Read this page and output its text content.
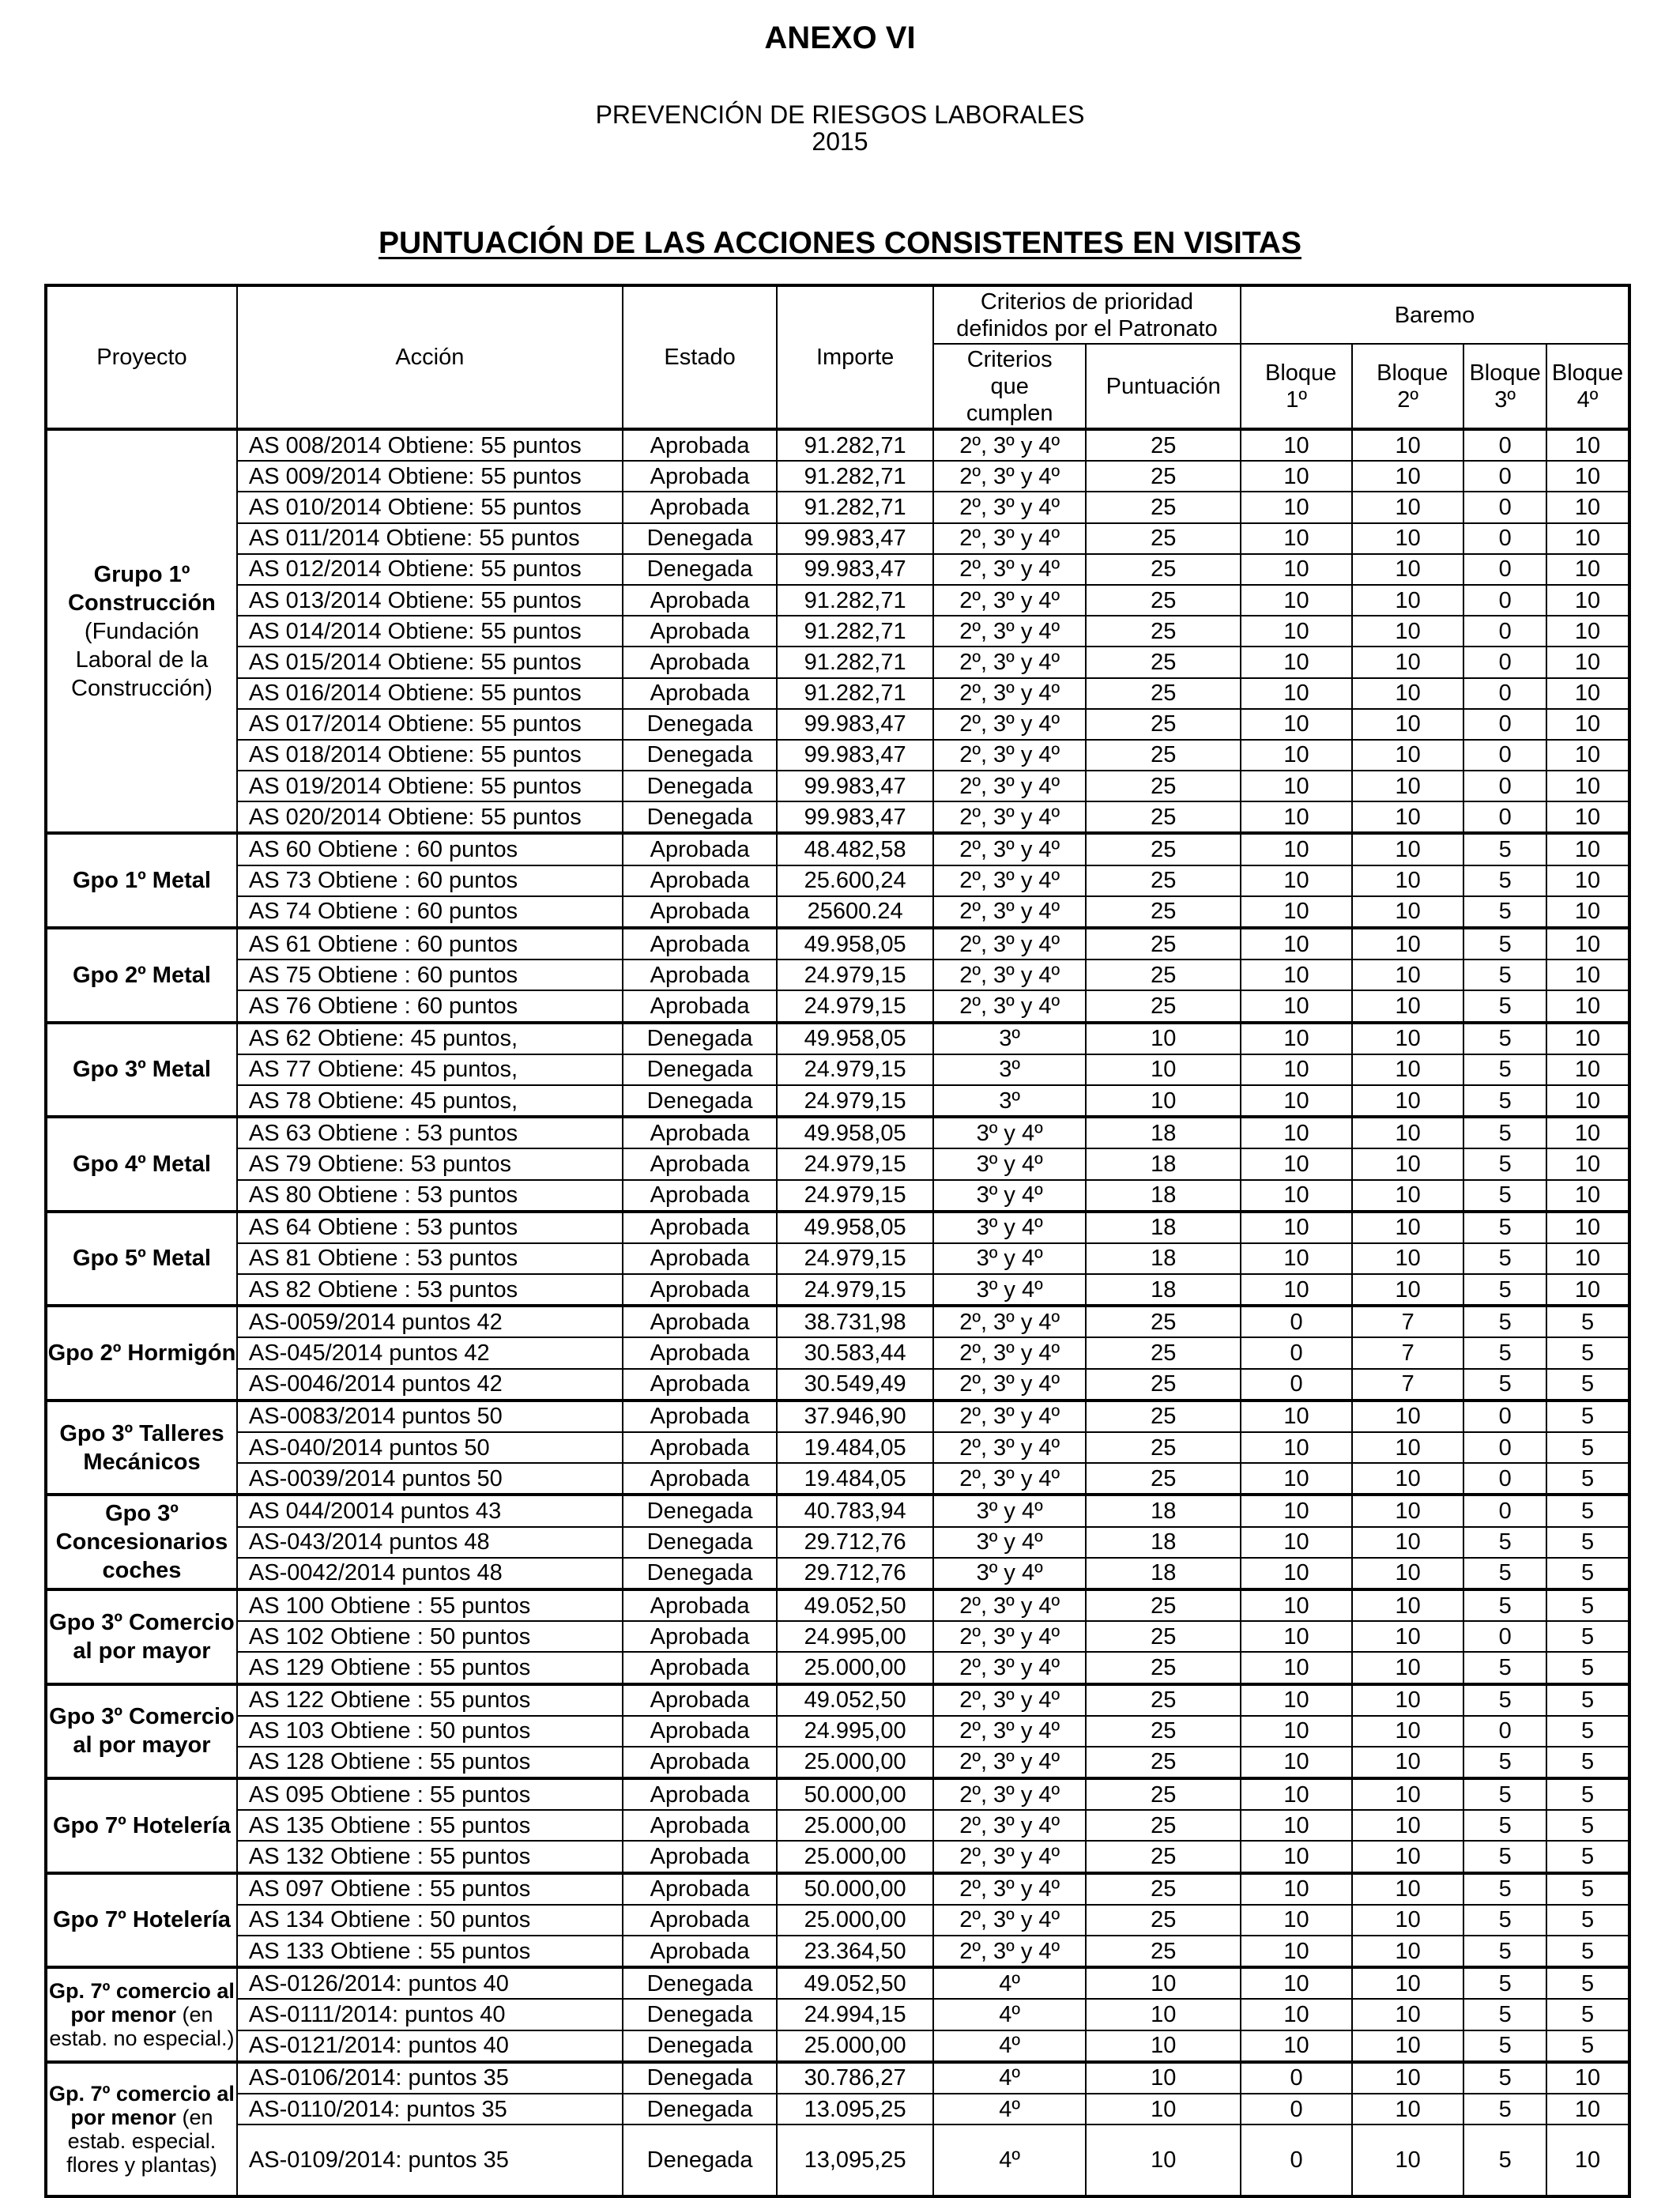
ANEXO VI
PREVENCIÓN DE RIESGOS LABORALES
2015
PUNTUACIÓN DE LAS ACCIONES CONSISTENTES EN VISITAS
Proyecto	Acción	Estado	Importe	Criterios de prioridad definidos por el Patronato		Baremo			
				Criterios que cumplen	Puntuación	Bloque 1º	Bloque 2º	Bloque 3º	Bloque 4º
Grupo 1º Construcción (Fundación Laboral de la Construcción)	AS 008/2014 Obtiene: 55 puntos	Aprobada	91.282,71	2º, 3º y 4º	25	10	10	0	10
	AS 009/2014 Obtiene: 55 puntos	Aprobada	91.282,71	2º, 3º y 4º	25	10	10	0	10
	AS 010/2014 Obtiene: 55 puntos	Aprobada	91.282,71	2º, 3º y 4º	25	10	10	0	10
	AS 011/2014 Obtiene: 55 puntos	Denegada	99.983,47	2º, 3º y 4º	25	10	10	0	10
	AS 012/2014 Obtiene: 55 puntos	Denegada	99.983,47	2º, 3º y 4º	25	10	10	0	10
	AS 013/2014 Obtiene: 55 puntos	Aprobada	91.282,71	2º, 3º y 4º	25	10	10	0	10
	AS 014/2014 Obtiene: 55 puntos	Aprobada	91.282,71	2º, 3º y 4º	25	10	10	0	10
	AS 015/2014 Obtiene: 55 puntos	Aprobada	91.282,71	2º, 3º y 4º	25	10	10	0	10
	AS 016/2014 Obtiene: 55 puntos	Aprobada	91.282,71	2º, 3º y 4º	25	10	10	0	10
	AS 017/2014 Obtiene: 55 puntos	Denegada	99.983,47	2º, 3º y 4º	25	10	10	0	10
	AS 018/2014 Obtiene: 55 puntos	Denegada	99.983,47	2º, 3º y 4º	25	10	10	0	10
	AS 019/2014 Obtiene: 55 puntos	Denegada	99.983,47	2º, 3º y 4º	25	10	10	0	10
	AS 020/2014 Obtiene: 55 puntos	Denegada	99.983,47	2º, 3º y 4º	25	10	10	0	10
Gpo 1º Metal	AS 60 Obtiene : 60 puntos	Aprobada	48.482,58	2º, 3º y 4º	25	10	10	5	10
	AS 73 Obtiene : 60 puntos	Aprobada	25.600,24	2º, 3º y 4º	25	10	10	5	10
	AS 74 Obtiene : 60 puntos	Aprobada	25600.24	2º, 3º y 4º	25	10	10	5	10
Gpo 2º Metal	AS 61 Obtiene : 60 puntos	Aprobada	49.958,05	2º, 3º y 4º	25	10	10	5	10
	AS 75 Obtiene : 60 puntos	Aprobada	24.979,15	2º, 3º y 4º	25	10	10	5	10
	AS 76 Obtiene : 60 puntos	Aprobada	24.979,15	2º, 3º y 4º	25	10	10	5	10
Gpo 3º Metal	AS 62 Obtiene: 45 puntos,	Denegada	49.958,05	3º	10	10	10	5	10
	AS 77 Obtiene: 45 puntos,	Denegada	24.979,15	3º	10	10	10	5	10
	AS 78 Obtiene: 45 puntos,	Denegada	24.979,15	3º	10	10	10	5	10
Gpo 4º Metal	AS 63 Obtiene : 53 puntos	Aprobada	49.958,05	3º y 4º	18	10	10	5	10
	AS 79 Obtiene: 53 puntos	Aprobada	24.979,15	3º y 4º	18	10	10	5	10
	AS 80 Obtiene : 53 puntos	Aprobada	24.979,15	3º y 4º	18	10	10	5	10
Gpo 5º Metal	AS 64 Obtiene : 53 puntos	Aprobada	49.958,05	3º y 4º	18	10	10	5	10
	AS 81 Obtiene : 53 puntos	Aprobada	24.979,15	3º y 4º	18	10	10	5	10
	AS 82 Obtiene : 53 puntos	Aprobada	24.979,15	3º y 4º	18	10	10	5	10
Gpo 2º Hormigón	AS-0059/2014 puntos 42	Aprobada	38.731,98	2º, 3º y 4º	25	0	7	5	5
	AS-045/2014 puntos 42	Aprobada	30.583,44	2º, 3º y 4º	25	0	7	5	5
	AS-0046/2014 puntos 42	Aprobada	30.549,49	2º, 3º y 4º	25	0	7	5	5
Gpo 3º Talleres Mecánicos	AS-0083/2014 puntos 50	Aprobada	37.946,90	2º, 3º y 4º	25	10	10	0	5
	AS-040/2014 puntos 50	Aprobada	19.484,05	2º, 3º y 4º	25	10	10	0	5
	AS-0039/2014 puntos 50	Aprobada	19.484,05	2º, 3º y 4º	25	10	10	0	5
Gpo 3º Concesionarios coches	AS 044/20014 puntos 43	Denegada	40.783,94	3º y 4º	18	10	10	0	5
	AS-043/2014 puntos 48	Denegada	29.712,76	3º y 4º	18	10	10	5	5
	AS-0042/2014 puntos 48	Denegada	29.712,76	3º y 4º	18	10	10	5	5
Gpo 3º Comercio al por mayor	AS 100 Obtiene : 55 puntos	Aprobada	49.052,50	2º, 3º y 4º	25	10	10	5	5
	AS 102 Obtiene : 50 puntos	Aprobada	24.995,00	2º, 3º y 4º	25	10	10	0	5
	AS 129 Obtiene : 55 puntos	Aprobada	25.000,00	2º, 3º y 4º	25	10	10	5	5
Gpo 3º Comercio al por mayor	AS 122 Obtiene : 55 puntos	Aprobada	49.052,50	2º, 3º y 4º	25	10	10	5	5
	AS 103 Obtiene : 50 puntos	Aprobada	24.995,00	2º, 3º y 4º	25	10	10	0	5
	AS 128 Obtiene : 55 puntos	Aprobada	25.000,00	2º, 3º y 4º	25	10	10	5	5
Gpo 7º Hotelería	AS 095 Obtiene : 55 puntos	Aprobada	50.000,00	2º, 3º y 4º	25	10	10	5	5
	AS 135 Obtiene : 55 puntos	Aprobada	25.000,00	2º, 3º y 4º	25	10	10	5	5
	AS 132 Obtiene : 55 puntos	Aprobada	25.000,00	2º, 3º y 4º	25	10	10	5	5
Gpo 7º Hotelería	AS 097 Obtiene : 55 puntos	Aprobada	50.000,00	2º, 3º y 4º	25	10	10	5	5
	AS 134 Obtiene : 50 puntos	Aprobada	25.000,00	2º, 3º y 4º	25	10	10	5	5
	AS 133 Obtiene : 55 puntos	Aprobada	23.364,50	2º, 3º y 4º	25	10	10	5	5
Gp. 7º comercio al por menor (en estab. no especial.)	AS-0126/2014: puntos 40	Denegada	49.052,50	4º	10	10	10	5	5
	AS-0111/2014: puntos 40	Denegada	24.994,15	4º	10	10	10	5	5
	AS-0121/2014: puntos 40	Denegada	25.000,00	4º	10	10	10	5	5
Gp. 7º comercio al por menor (en estab. especial. flores y plantas)	AS-0106/2014: puntos 35	Denegada	30.786,27	4º	10	0	10	5	10
	AS-0110/2014: puntos 35	Denegada	13.095,25	4º	10	0	10	5	10
	AS-0109/2014: puntos 35	Denegada	13,095,25	4º	10	0	10	5	10
